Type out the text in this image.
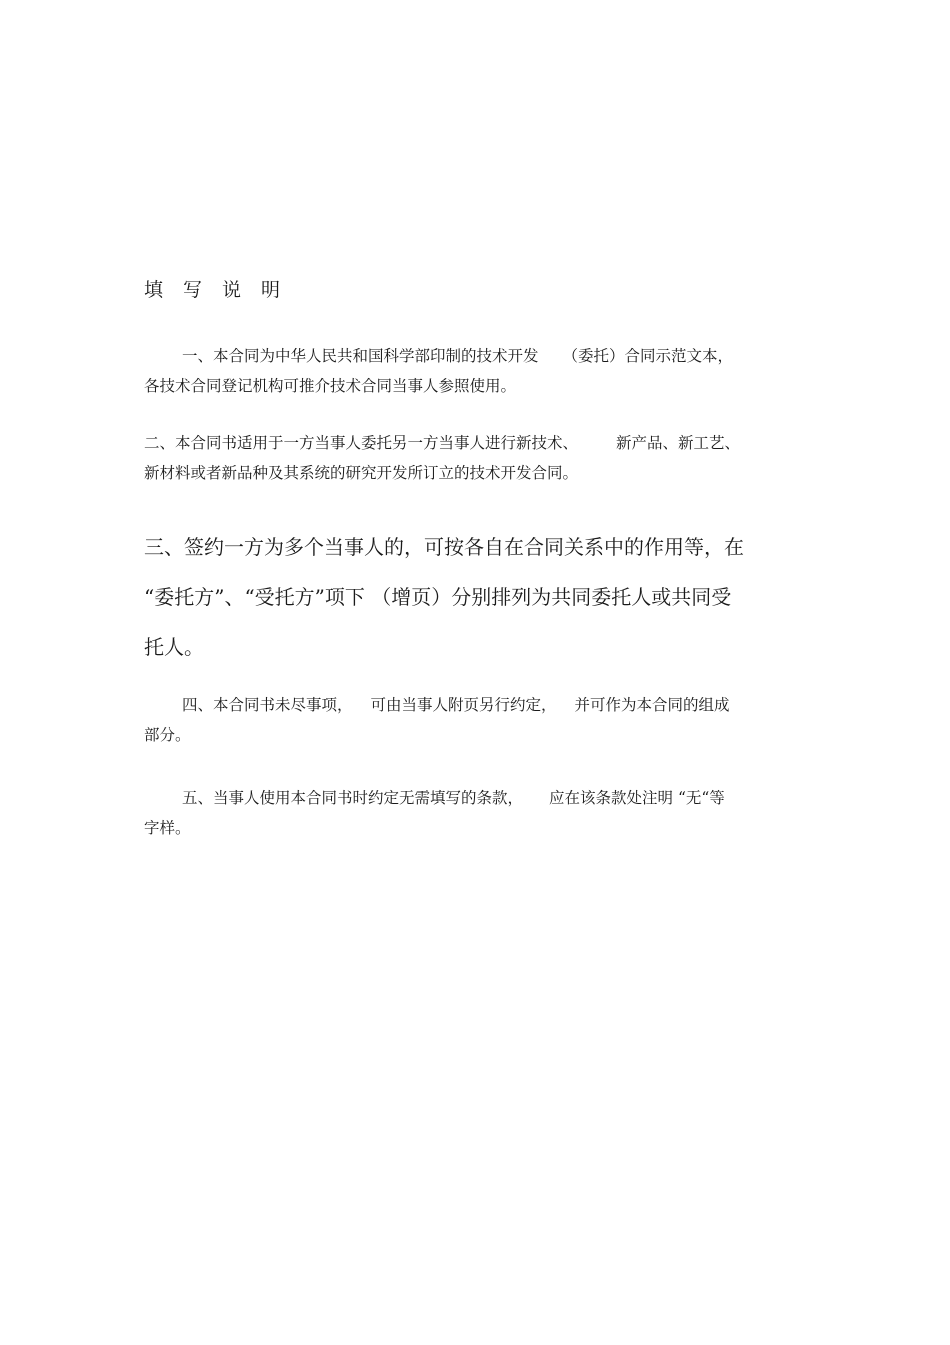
填写说明
一、本合同为中华人民共和国科学部印制的技术开发 （委托）合同示范文本，
各技术合同登记机构可推介技术合同当事人参照使用。
二、本合同书适用于一方当事人委托另一方当事人进行新技术、 新产品、新工艺、
新材料或者新品种及其系统的研究开发所订立的技术开发合同。
三、签约一方为多个当事人的，可按各自在合同关系中的作用等，在
“委托方”、“受托方”项下 （增页）分别排列为共同委托人或共同受
托人。
四、本合同书未尽事项， 可由当事人附页另行约定， 并可作为本合同的组成
部分。
五、当事人使用本合同书时约定无需填写的条款， 应在该条款处注明 “无“等
字样。
